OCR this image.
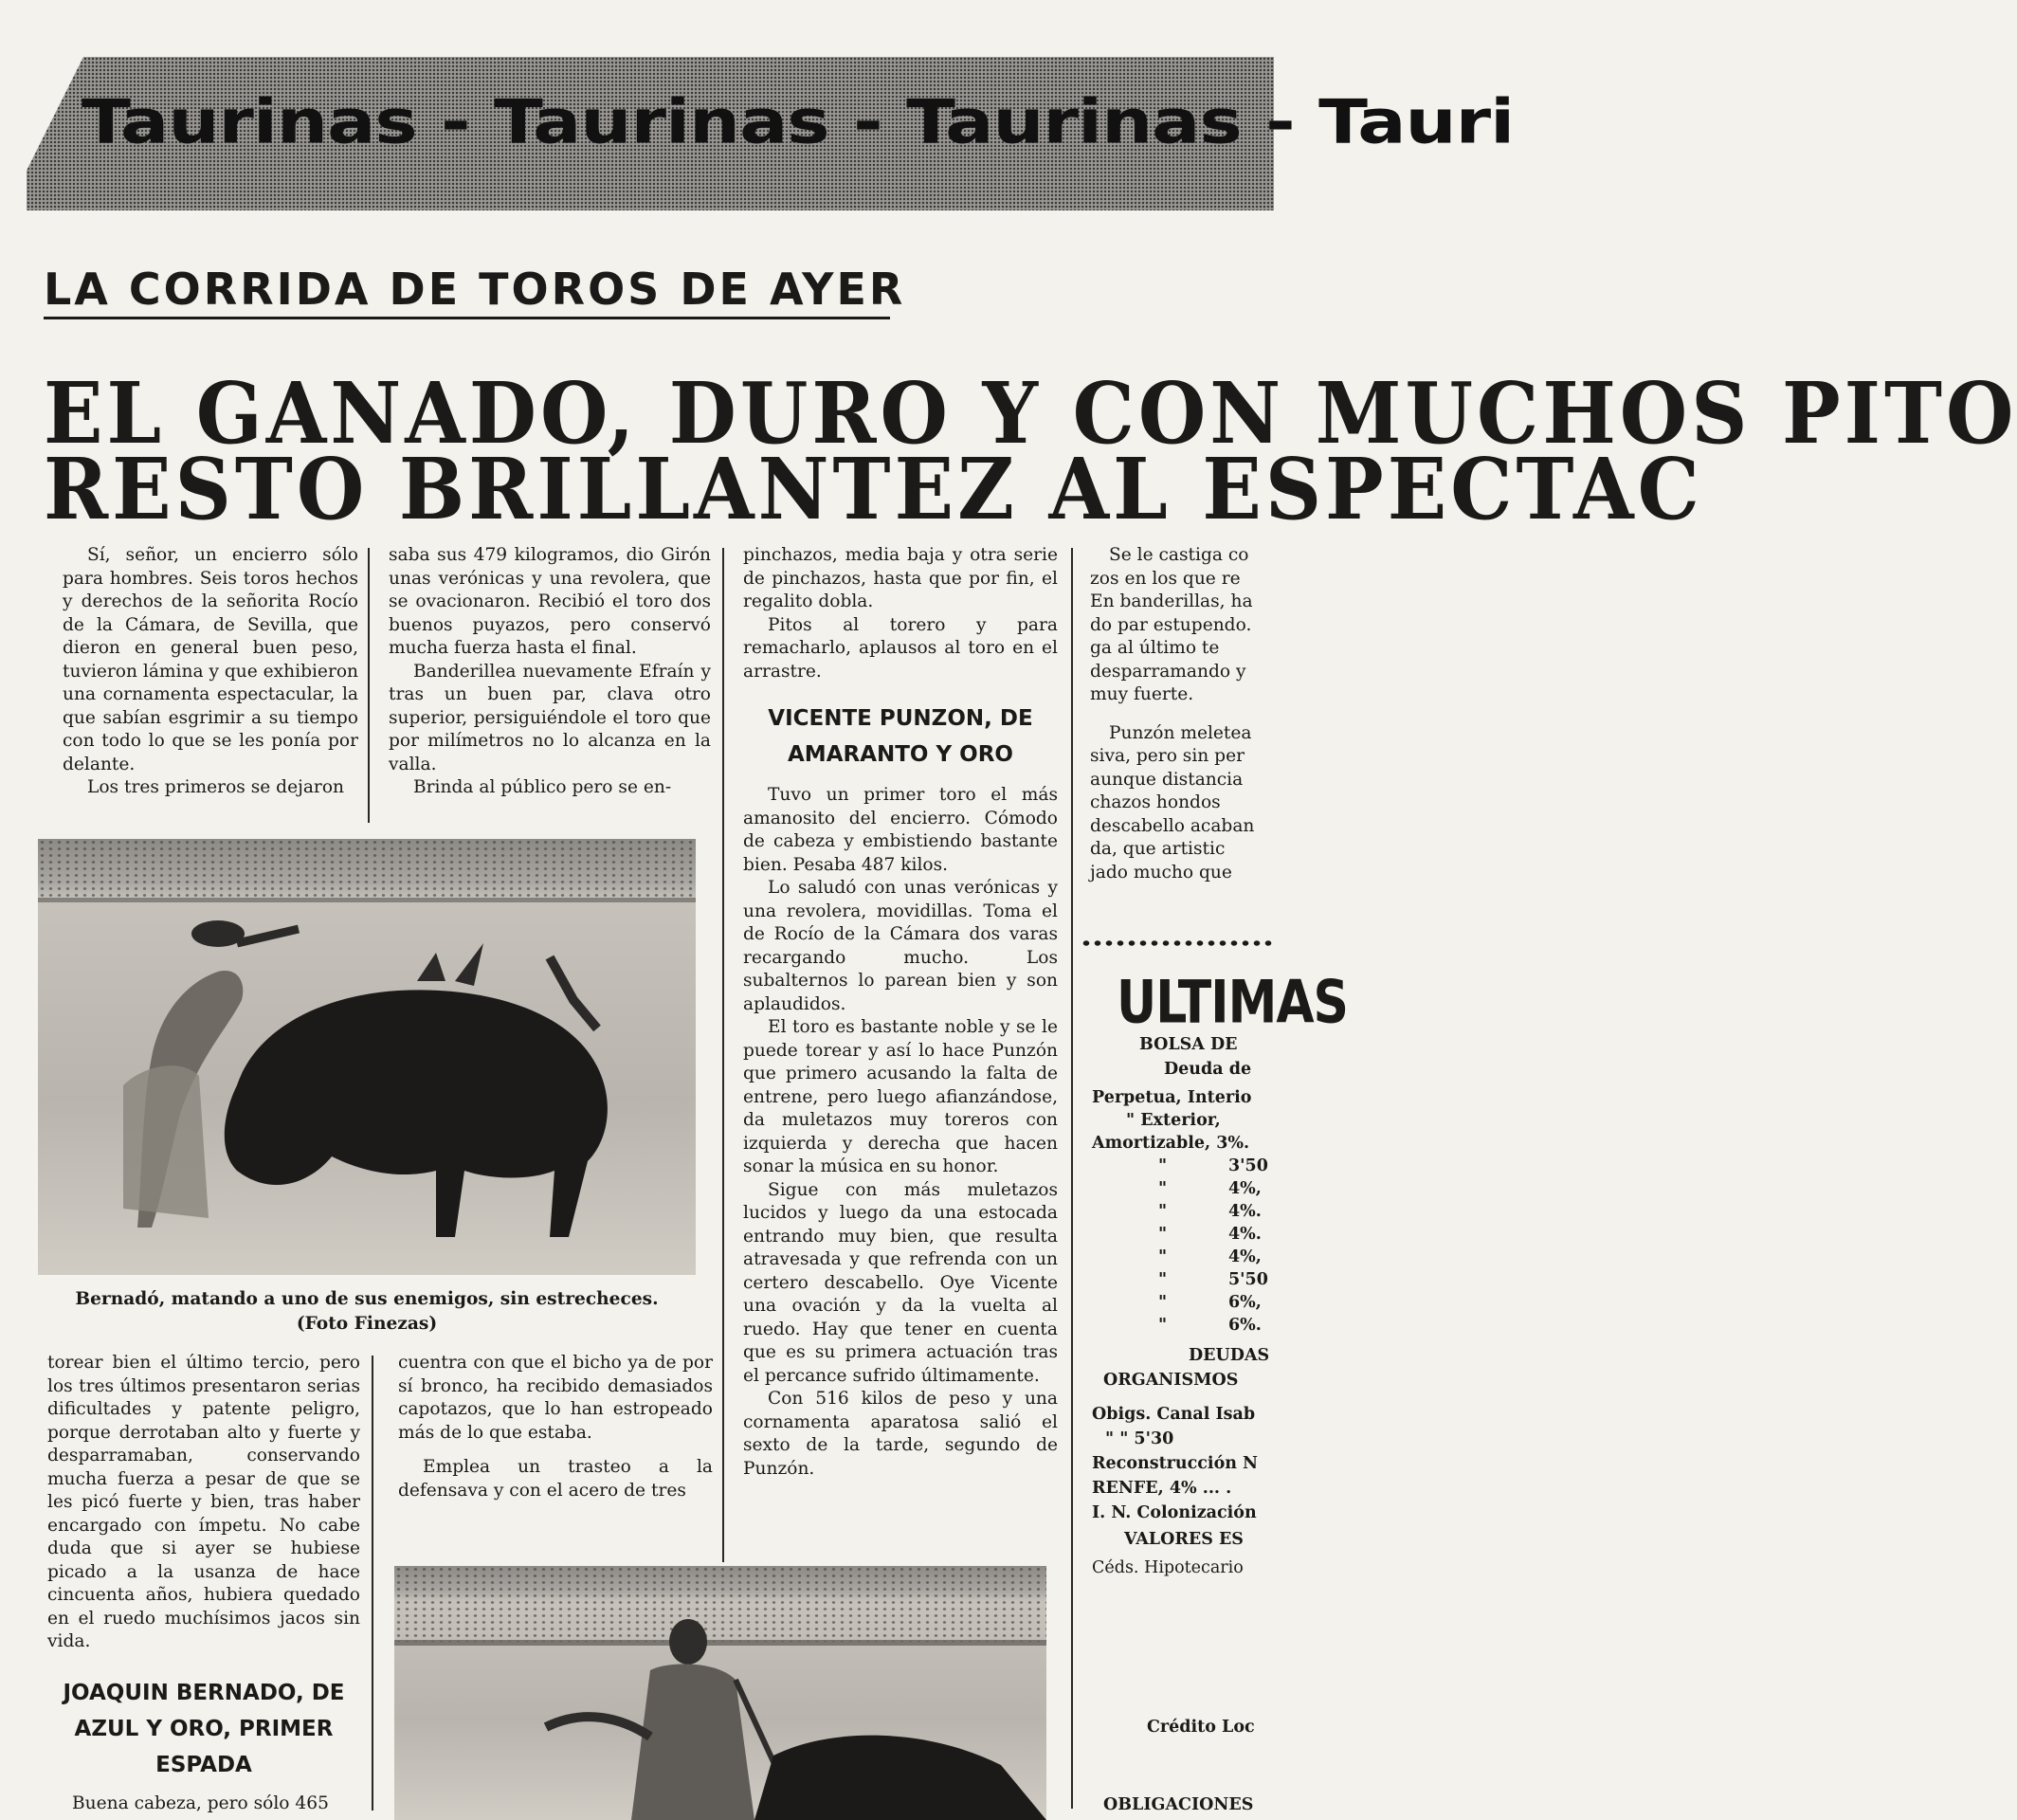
Taurinas - Taurinas - Taurinas - Tauri
LA CORRIDA DE TOROS DE AYER
EL GANADO, DURO Y CON MUCHOS PITO
RESTO BRILLANTEZ AL ESPECTAC

Sí, señor, un encierro sólo para hombres. Seis toros hechos y derechos de la señorita Rocío de la Cámara, de Sevilla, que dieron en general buen peso, tuvieron lámina y que exhibieron una cornamenta espectacular, la que sabían esgrimir a su tiempo con todo lo que se les ponía por delante.

Los tres primeros se dejaron

saba sus 479 kilogramos, dio Girón unas verónicas y una revolera, que se ovacionaron. Recibió el toro dos buenos puyazos, pero conservó mucha fuerza hasta el final.

Banderillea nuevamente Efraín y tras un buen par, clava otro superior, persiguiéndole el toro que por milímetros no lo alcanza en la valla.

Brinda al público pero se en-

pinchazos, media baja y otra serie de pinchazos, hasta que por fin, el regalito dobla.

Pitos al torero y para remacharlo, aplausos al toro en el arrastre.

VICENTE PUNZON, DE
AMARANTO Y ORO

Tuvo un primer toro el más amanosito del encierro. Cómodo de cabeza y embistiendo bastante bien. Pesaba 487 kilos.

Lo saludó con unas verónicas y una revolera, movidillas. Toma el de Rocío de la Cámara dos varas recargando mucho. Los subalternos lo parean bien y son aplaudidos.

El toro es bastante noble y se le puede torear y así lo hace Punzón que primero acusando la falta de entrene, pero luego afianzándose, da muletazos muy toreros con izquierda y derecha que hacen sonar la música en su honor.

Sigue con más muletazos lucidos y luego da una estocada entrando muy bien, que resulta atravesada y que refrenda con un certero descabello. Oye Vicente una ovación y da la vuelta al ruedo. Hay que tener en cuenta que es su primera actuación tras el percance sufrido últimamente.

Con 516 kilos de peso y una cornamenta aparatosa salió el sexto de la tarde, segundo de Punzón.

Se le castiga co
zos en los que re
En banderillas, ha
do par estupendo.
ga al último te
desparramando y
muy fuerte.
Punzón meletea
siva, pero sin per
aunque distancia
chazos hondos
descabello acaban
da, que artistic
jado mucho que
Bernadó, matando a uno de sus enemigos, sin estrecheces.
(Foto Finezas)

torear bien el último tercio, pero los tres últimos presentaron serias dificultades y patente peligro, porque derrotaban alto y fuerte y desparramaban, conservando mucha fuerza a pesar de que se les picó fuerte y bien, tras haber encargado con ímpetu. No cabe duda que si ayer se hubiese picado a la usanza de hace cincuenta años, hubiera quedado en el ruedo muchísimos jacos sin vida.

JOAQUIN BERNADO, DE
AZUL Y ORO, PRIMER
ESPADA

Buena cabeza, pero sólo 465

cuentra con que el bicho ya de por sí bronco, ha recibido demasiados capotazos, que lo han estropeado más de lo que estaba.

Emplea un trasteo a la defensava y con el acero de tres

ULTIMAS
BOLSA DE
Deuda de
Perpetua, Interio
" Exterior,
Amortizable, 3%.
"	3'50
"	4%,
"	4%.
"	4%.
"	4%,
"	5'50
"	6%,
"	6%.
DEUDAS
ORGANISMOS
Obigs. Canal Isab
" " 5'30
Reconstrucción N
RENFE, 4% ... .
I. N. Colonización
VALORES ES
Céds. Hipotecario
Crédito Loc
OBLIGACIONES
